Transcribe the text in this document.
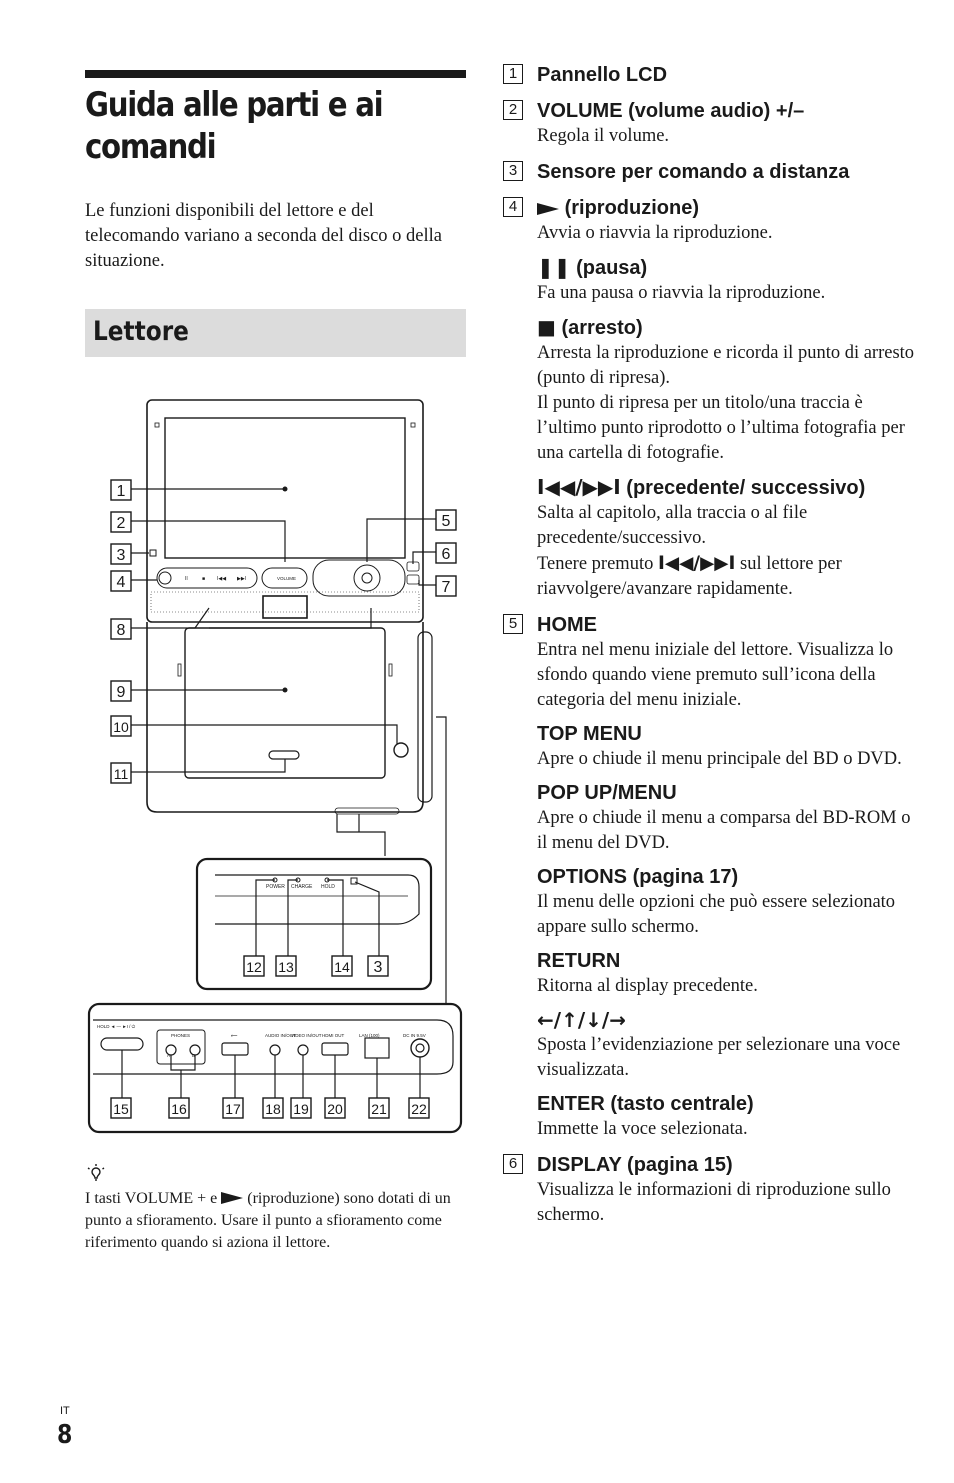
Guida alle parti e ai
comandi

Le funzioni disponibili del lettore e del telecomando variano a seconda del disco o della situazione.

Lettore
II	■ I◀◀ ▶▶I	VOLUME
POWER CHARGE HOLD
HOLD ◄ — ►I / ⏻
PHONES
A	B
⟵	AUDIO IN/OUT
VIDEO IN/OUT HDMI OUT	LAN (100)	DC IN 9.5V
1
2
3
4
5
6
7
8
9
10
11
12 13	14 3
15	16	17 18 19 20 21 22

I tasti VOLUME + e (riproduzione) sono dotati di un punto a sfioramento. Usare il punto a sfioramento come riferimento quando si aziona il lettore.

1 Pannello LCD

2 VOLUME (volume audio) +/–

Regola il volume.

3 Sensore per comando a distanza

4	(riproduzione)

Avvia o riavvia la riproduzione.

❚❚ (pausa)

Fa una pausa o riavvia la riproduzione.

■ (arresto)

Arresta la riproduzione e ricorda il punto di arresto (punto di ripresa).

Il punto di ripresa per un titolo/una traccia è l’ultimo punto riprodotto o l’ultima fotografia per una cartella di fotografie.

I◀◀/▶▶I (precedente/ successivo)

Salta al capitolo, alla traccia o al file precedente/successivo.

Tenere premuto I◀◀/▶▶I sul lettore per riavvolgere/avanzare rapidamente.

5 HOME

Entra nel menu iniziale del lettore. Visualizza lo sfondo quando viene premuto sull’icona della categoria del menu iniziale.

TOP MENU

Apre o chiude il menu principale del BD o DVD.

POP UP/MENU

Apre o chiude il menu a comparsa del BD-ROM o il menu del DVD.

OPTIONS (pagina 17)

Il menu delle opzioni che può essere selezionato appare sullo schermo.

RETURN

Ritorna al display precedente.

←/↑/↓/→

Sposta l’evidenziazione per selezionare una voce visualizzata.

ENTER (tasto centrale)

Immette la voce selezionata.

6 DISPLAY (pagina 15)

Visualizza le informazioni di riproduzione sullo schermo.

IT
8
